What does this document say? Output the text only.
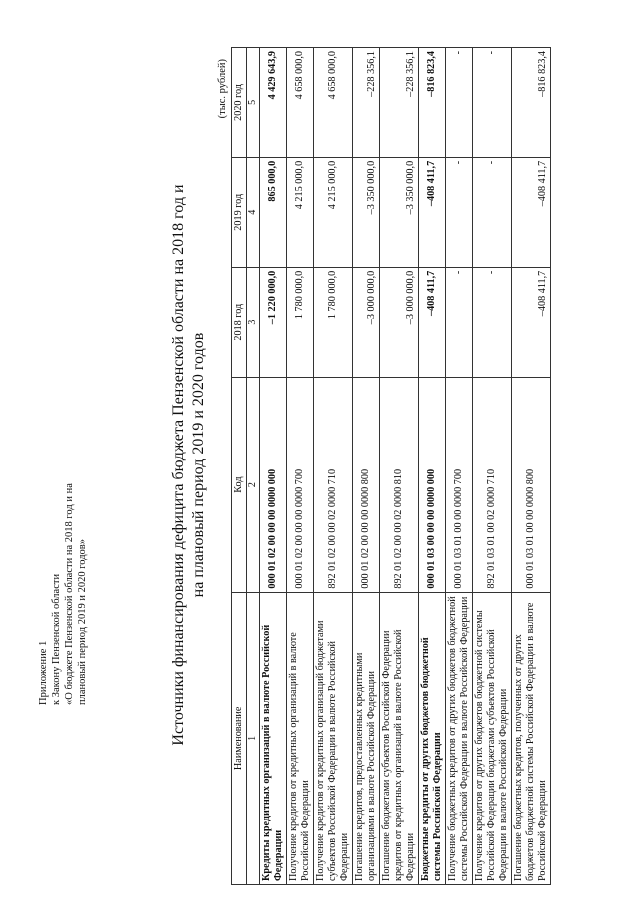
Приложение 1 к Закону Пензенской области «О бюджете Пензенской области на 2018 год и на плановый период 2019 и 2020 годов»	Источники финансирования дефицита бюджета Пензенской области на 2018 год и на плановый период 2019 и 2020 годов
(тыс. рублей)
Наименование	Код	2018 год	2019 год	2020 год
1	2	3	4	5
Кредиты кредитных организаций в валюте Российской Федерации	000 01 02 00 00 00 0000 000	–1 220 000,0	865 000,0	4 429 643,9
Получение кредитов от кредитных организаций в валюте Российской Федерации	000 01 02 00 00 00 0000 700	1 780 000,0	4 215 000,0	4 658 000,0
Получение кредитов от кредитных организаций бюджетами субъектов Российской Федерации в валюте Российской Федерации	892 01 02 00 00 02 0000 710	1 780 000,0	4 215 000,0	4 658 000,0
Погашение кредитов, предоставленных кредитными организациями в валюте Российской Федерации	000 01 02 00 00 00 0000 800	–3 000 000,0	–3 350 000,0	–228 356,1
Погашение бюджетами субъектов Российской Федерации кредитов от кредитных организаций в валюте Российской Федерации	892 01 02 00 00 02 0000 810	–3 000 000,0	–3 350 000,0	–228 356,1
Бюджетные кредиты от других бюджетов бюджетной системы Российской Федерации	000 01 03 00 00 00 0000 000	–408 411,7	–408 411,7	–816 823,4
Получение бюджетных кредитов от других бюджетов бюджетной системы Российской Федерации в валюте Российской Федерации	000 01 03 01 00 00 0000 700	-	-	-
Получение кредитов от других бюджетов бюджетной системы Российской Федерации бюджетами субъектов Российской Федерации в валюте Российской Федерации	892 01 03 01 00 02 0000 710	-	-	-
Погашение бюджетных кредитов, полученных от других бюджетов бюджетной системы Российской Федерации в валюте Российской Федерации	000 01 03 01 00 00 0000 800	–408 411,7	–408 411,7	–816 823,4
